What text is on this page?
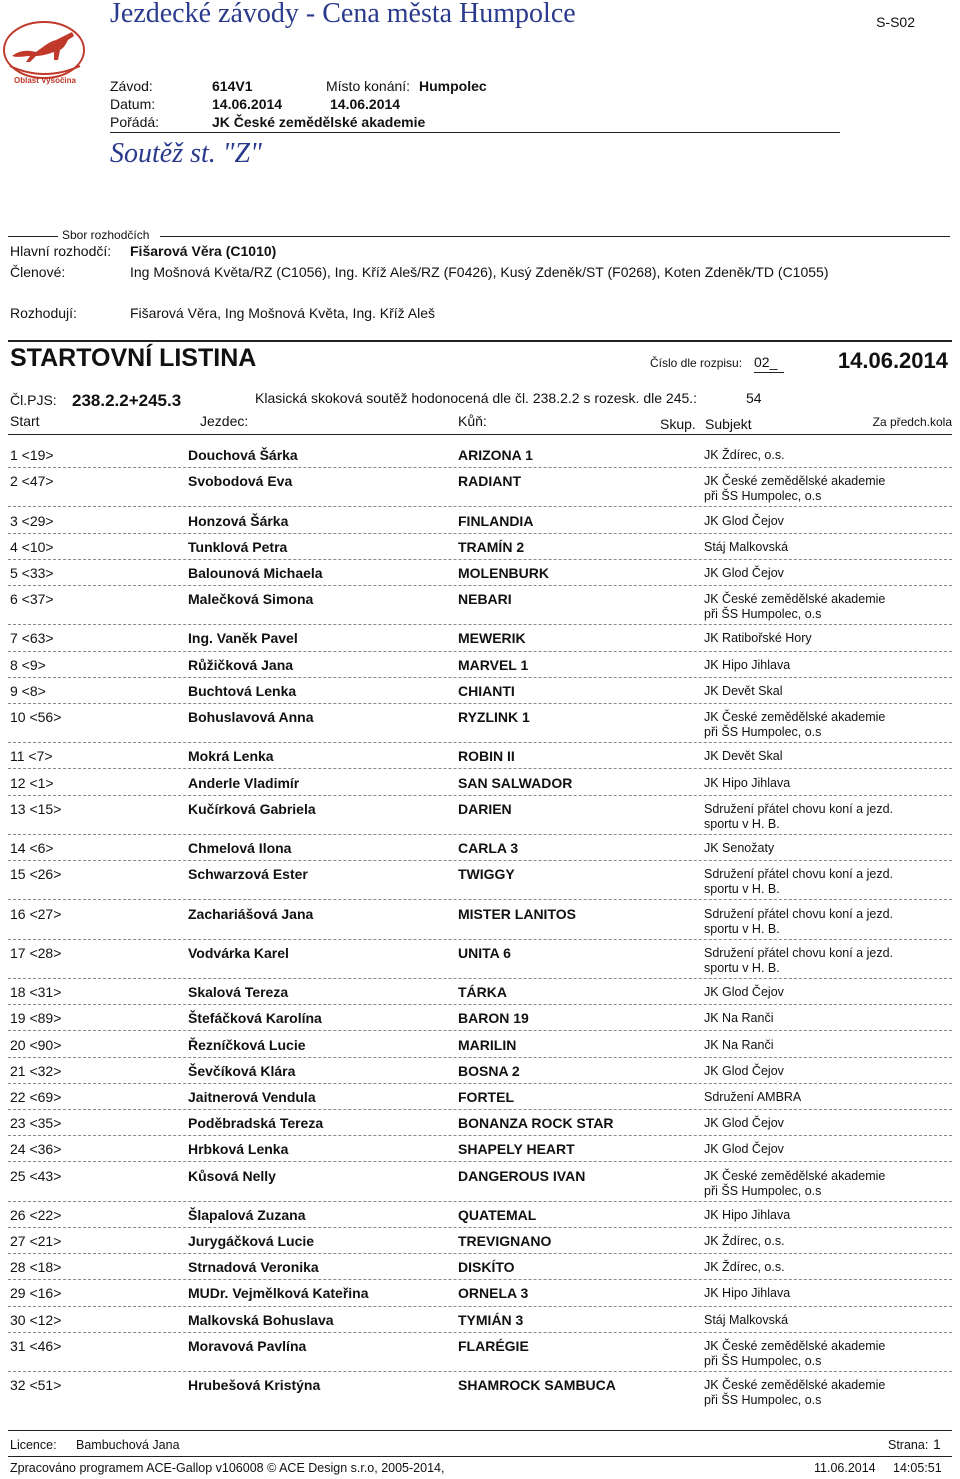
Jezdecké závody - Cena města Humpolce	S-S02
Oblast Vysočina Závod:	614V1	Místo konání: Humpolec
Datum:	14.06.2014	14.06.2014
Pořádá:	JK České zemědělské akademie
Soutěž st. "Z"
Sbor rozhodčích
Hlavní rozhodčí: Fišarová Věra (C1010)
Členové:	Ing Mošnová Květa/RZ (C1056), Ing. Kříž Aleš/RZ (F0426), Kusý Zdeněk/ST (F0268), Koten Zdeněk/TD (C1055)
Rozhodují:	Fišarová Věra, Ing Mošnová Květa, Ing. Kříž Aleš
STARTOVNÍ LISTINA	Číslo dle rozpisu: 02_	14.06.2014
Čl.PJS: 238.2.2+245.3	Klasická skoková soutěž hodonocená dle čl. 238.2.2 s rozesk. dle 245.:	54
Start	Jezdec:	Kůň:	Skup. Subjekt	Za předch.kola
1 <19>	Douchová Šárka	ARIZONA 1	JK Ždírec, o.s.
2 <47>	Svobodová Eva	RADIANT	JK České zemědělské akademie
při ŠS Humpolec, o.s
3 <29>	Honzová Šárka	FINLANDIA	JK Glod Čejov
4 <10>	Tunklová Petra	TRAMÍN 2	Stáj Malkovská
5 <33>	Balounová Michaela	MOLENBURK	JK Glod Čejov
6 <37>	Malečková Simona	NEBARI	JK České zemědělské akademie
při ŠS Humpolec, o.s
7 <63>	Ing. Vaněk Pavel	MEWERIK	JK Ratibořské Hory
8 <9>	Růžičková Jana	MARVEL 1	JK Hipo Jihlava
9 <8>	Buchtová Lenka	CHIANTI	JK Devět Skal
10 <56>	Bohuslavová Anna	RYZLINK 1	JK České zemědělské akademie
při ŠS Humpolec, o.s
11 <7>	Mokrá Lenka	ROBIN II	JK Devět Skal
12 <1>	Anderle Vladimír	SAN SALWADOR	JK Hipo Jihlava
13 <15>	Kučírková Gabriela	DARIEN	Sdružení přátel chovu koní a jezd.
sportu v H. B.
14 <6>	Chmelová Ilona	CARLA 3	JK Senožaty
15 <26>	Schwarzová Ester	TWIGGY	Sdružení přátel chovu koní a jezd.
sportu v H. B.
16 <27>	Zachariášová Jana	MISTER LANITOS	Sdružení přátel chovu koní a jezd.
sportu v H. B.
17 <28>	Vodvárka Karel	UNITA 6	Sdružení přátel chovu koní a jezd.
sportu v H. B.
18 <31>	Skalová Tereza	TÁRKA	JK Glod Čejov
19 <89>	Štefáčková Karolína	BARON 19	JK Na Ranči
20 <90>	Řezníčková Lucie	MARILIN	JK Na Ranči
21 <32>	Ševčíková Klára	BOSNA 2	JK Glod Čejov
22 <69>	Jaitnerová Vendula	FORTEL	Sdružení AMBRA
23 <35>	Poděbradská Tereza	BONANZA ROCK STAR	JK Glod Čejov
24 <36>	Hrbková Lenka	SHAPELY HEART	JK Glod Čejov
25 <43>	Kůsová Nelly	DANGEROUS IVAN	JK České zemědělské akademie
při ŠS Humpolec, o.s
26 <22>	Šlapalová Zuzana	QUATEMAL	JK Hipo Jihlava
27 <21>	Jurygáčková Lucie	TREVIGNANO	JK Ždírec, o.s.
28 <18>	Strnadová Veronika	DISKÍTO	JK Ždírec, o.s.
29 <16>	MUDr. Vejmělková Kateřina	ORNELA 3	JK Hipo Jihlava
30 <12>	Malkovská Bohuslava	TYMIÁN 3	Stáj Malkovská
31 <46>	Moravová Pavlína	FLARÉGIE	JK České zemědělské akademie
při ŠS Humpolec, o.s
32 <51>	Hrubešová Kristýna	SHAMROCK SAMBUCA	JK České zemědělské akademie
při ŠS Humpolec, o.s
Licence: Bambuchová Jana	Strana: 1
Zpracováno programem ACE-Gallop v106008 © ACE Design s.r.o, 2005-2014,	11.06.2014 14:05:51
